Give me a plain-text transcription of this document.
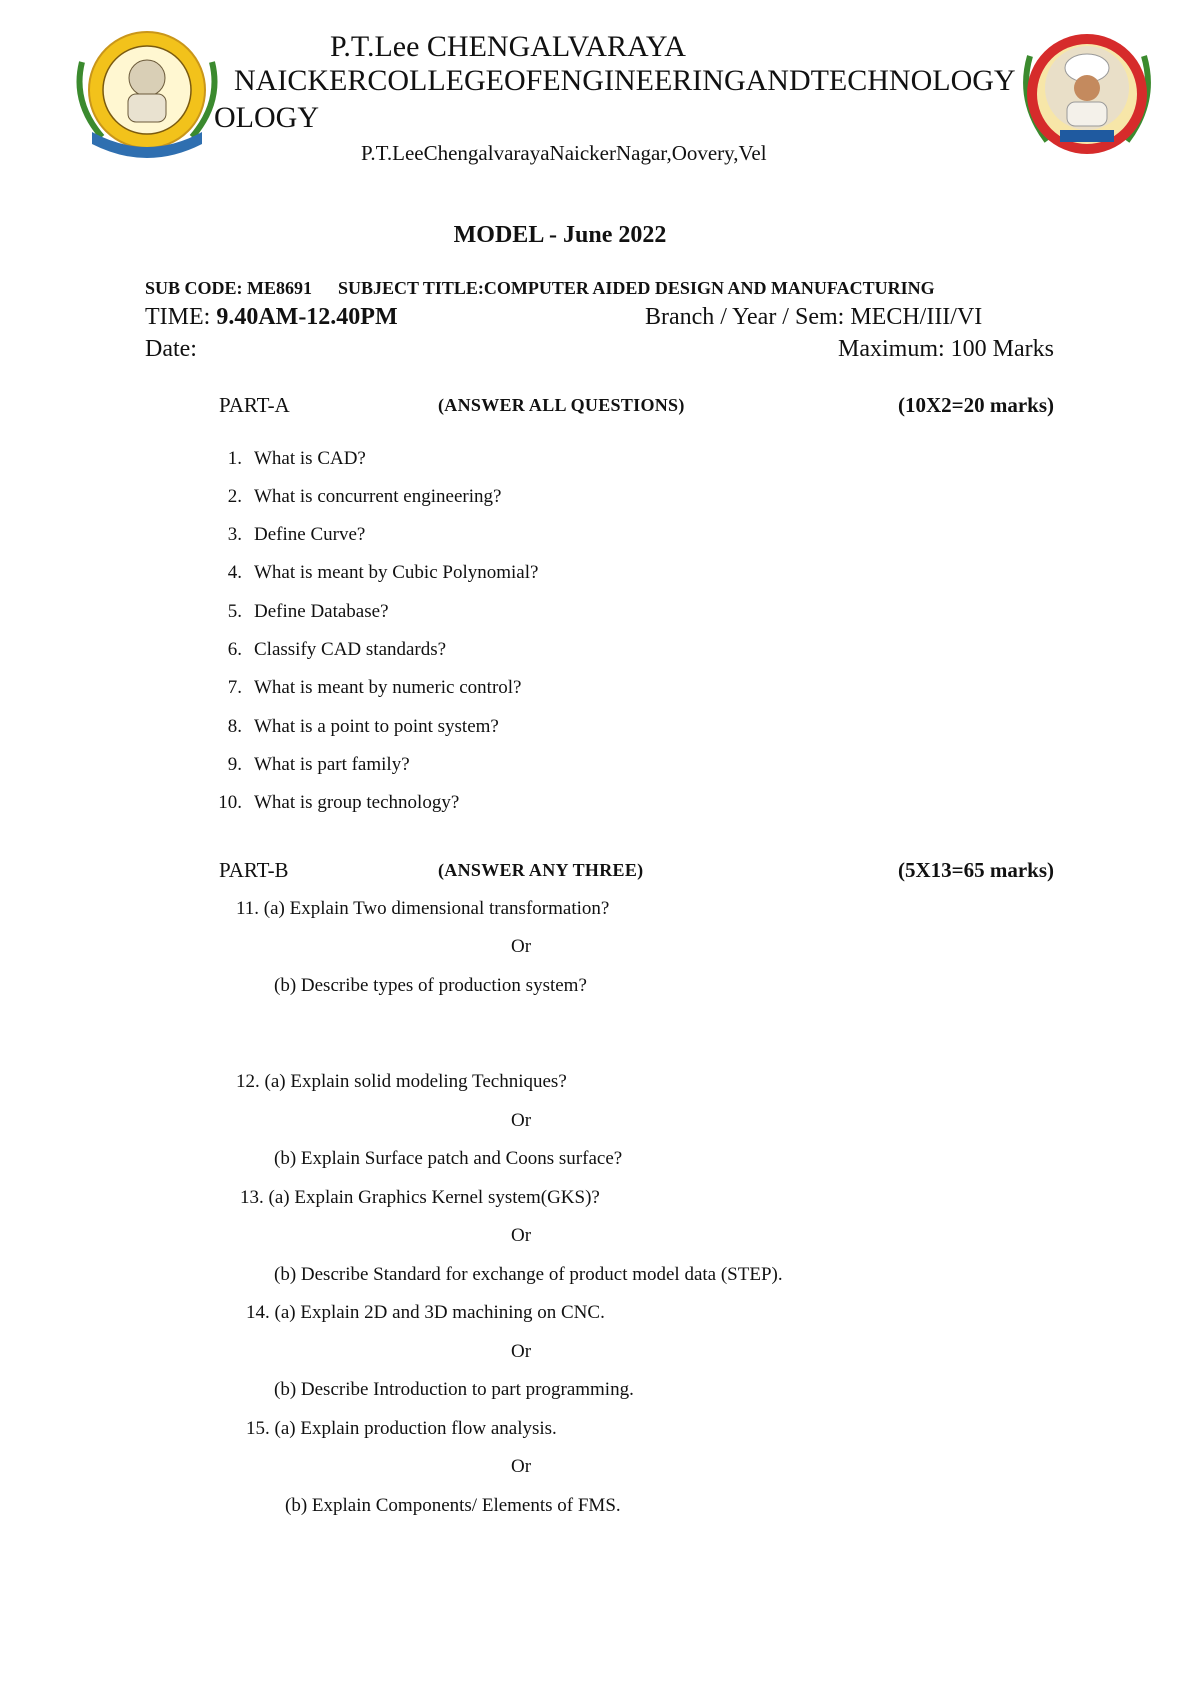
P.T.Lee CHENGALVARAYA
NAICKERCOLLEGEOFENGINEERINGANDTECHNOLOGY
OLOGY
P.T.LeeChengalvarayaNaickerNagar,Oovery,Vel
MODEL - June 2022
SUB CODE: ME8691 SUBJECT TITLE:COMPUTER AIDED DESIGN AND MANUFACTURING
TIME: 9.40AM-12.40PM	Branch / Year / Sem: MECH/III/VI
Date:	Maximum: 100 Marks
PART-A	(ANSWER ALL QUESTIONS)	(10X2=20 marks)
1. What is CAD?
2. What is concurrent engineering?
3. Define Curve?
4. What is meant by Cubic Polynomial?
5. Define Database?
6. Classify CAD standards?
7. What is meant by numeric control?
8. What is a point to point system?
9. What is part family?
10. What is group technology?
PART-B	(ANSWER ANY THREE)	(5X13=65 marks)
11. (a) Explain Two dimensional transformation?
Or
(b) Describe types of production system?
12. (a) Explain solid modeling Techniques?
Or
(b) Explain Surface patch and Coons surface?
13. (a) Explain Graphics Kernel system(GKS)?
Or
(b) Describe Standard for exchange of product model data (STEP).
14. (a) Explain 2D and 3D machining on CNC.
Or
(b) Describe Introduction to part programming.
15. (a) Explain production flow analysis.
Or
(b) Explain Components/ Elements of FMS.
